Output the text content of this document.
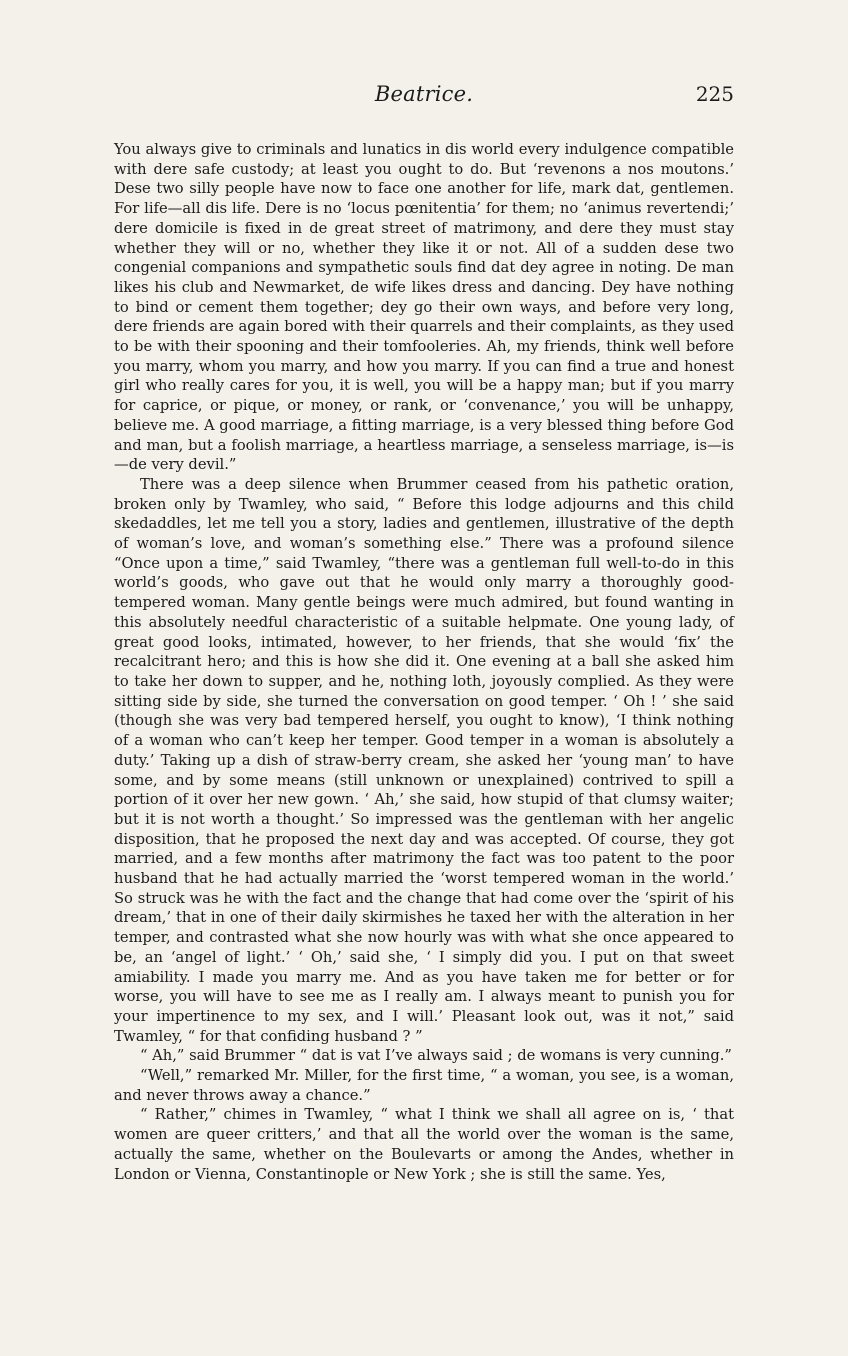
Beatrice.	225

You always give to criminals and lunatics in dis world every indulgence compatible with dere safe custody; at least you ought to do. But ‘revenons a nos moutons.’ Dese two silly people have now to face one another for life, mark dat, gentlemen. For life—all dis life. Dere is no ‘locus pœnitentia’ for them; no ‘animus revertendi;’ dere domicile is fixed in de great street of matrimony, and dere they must stay whether they will or no, whether they like it or not. All of a sudden dese two congenial companions and sympathetic souls find dat dey agree in noting. De man likes his club and Newmarket, de wife likes dress and dancing. Dey have nothing to bind or cement them together; dey go their own ways, and before very long, dere friends are again bored with their quarrels and their complaints, as they used to be with their spooning and their tomfooleries. Ah, my friends, think well before you marry, whom you marry, and how you marry. If you can find a true and honest girl who really cares for you, it is well, you will be a happy man; but if you marry for caprice, or pique, or money, or rank, or ‘convenance,’ you will be unhappy, believe me. A good marriage, a fitting marriage, is a very blessed thing before God and man, but a foolish marriage, a heartless marriage, a senseless marriage, is—is—de very devil.”

There was a deep silence when Brummer ceased from his pathetic oration, broken only by Twamley, who said, “ Before this lodge adjourns and this child skedaddles, let me tell you a story, ladies and gentlemen, illustrative of the depth of woman’s love, and woman’s something else.” There was a profound silence “Once upon a time,” said Twamley, “there was a gentleman full well-to-do in this world’s goods, who gave out that he would only marry a thoroughly good-tempered woman. Many gentle beings were much admired, but found wanting in this absolutely needful characteristic of a suitable helpmate. One young lady, of great good looks, intimated, however, to her friends, that she would ‘fix’ the recalcitrant hero; and this is how she did it. One evening at a ball she asked him to take her down to supper, and he, nothing loth, joyously complied. As they were sitting side by side, she turned the conversation on good temper. ‘ Oh ! ’ she said (though she was very bad tempered herself, you ought to know), ‘I think nothing of a woman who can’t keep her temper. Good temper in a woman is absolutely a duty.’ Taking up a dish of straw-berry cream, she asked her ‘young man’ to have some, and by some means (still unknown or unexplained) contrived to spill a portion of it over her new gown. ‘ Ah,’ she said, how stupid of that clumsy waiter; but it is not worth a thought.’ So impressed was the gentleman with her angelic disposition, that he proposed the next day and was accepted. Of course, they got married, and a few months after matrimony the fact was too patent to the poor husband that he had actually married the ‘worst tempered woman in the world.’ So struck was he with the fact and the change that had come over the ‘spirit of his dream,’ that in one of their daily skirmishes he taxed her with the alteration in her temper, and contrasted what she now hourly was with what she once appeared to be, an ‘angel of light.’ ‘ Oh,’ said she, ‘ I simply did you. I put on that sweet amiability. I made you marry me. And as you have taken me for better or for worse, you will have to see me as I really am. I always meant to punish you for your impertinence to my sex, and I will.’ Pleasant look out, was it not,” said Twamley, “ for that confiding husband ? ”

“ Ah,” said Brummer “ dat is vat I’ve always said ; de womans is very cunning.”

“Well,” remarked Mr. Miller, for the first time, “ a woman, you see, is a woman, and never throws away a chance.”

“ Rather,” chimes in Twamley, “ what I think we shall all agree on is, ‘ that women are queer critters,’ and that all the world over the woman is the same, actually the same, whether on the Boulevarts or among the Andes, whether in London or Vienna, Constantinople or New York ; she is still the same. Yes,
